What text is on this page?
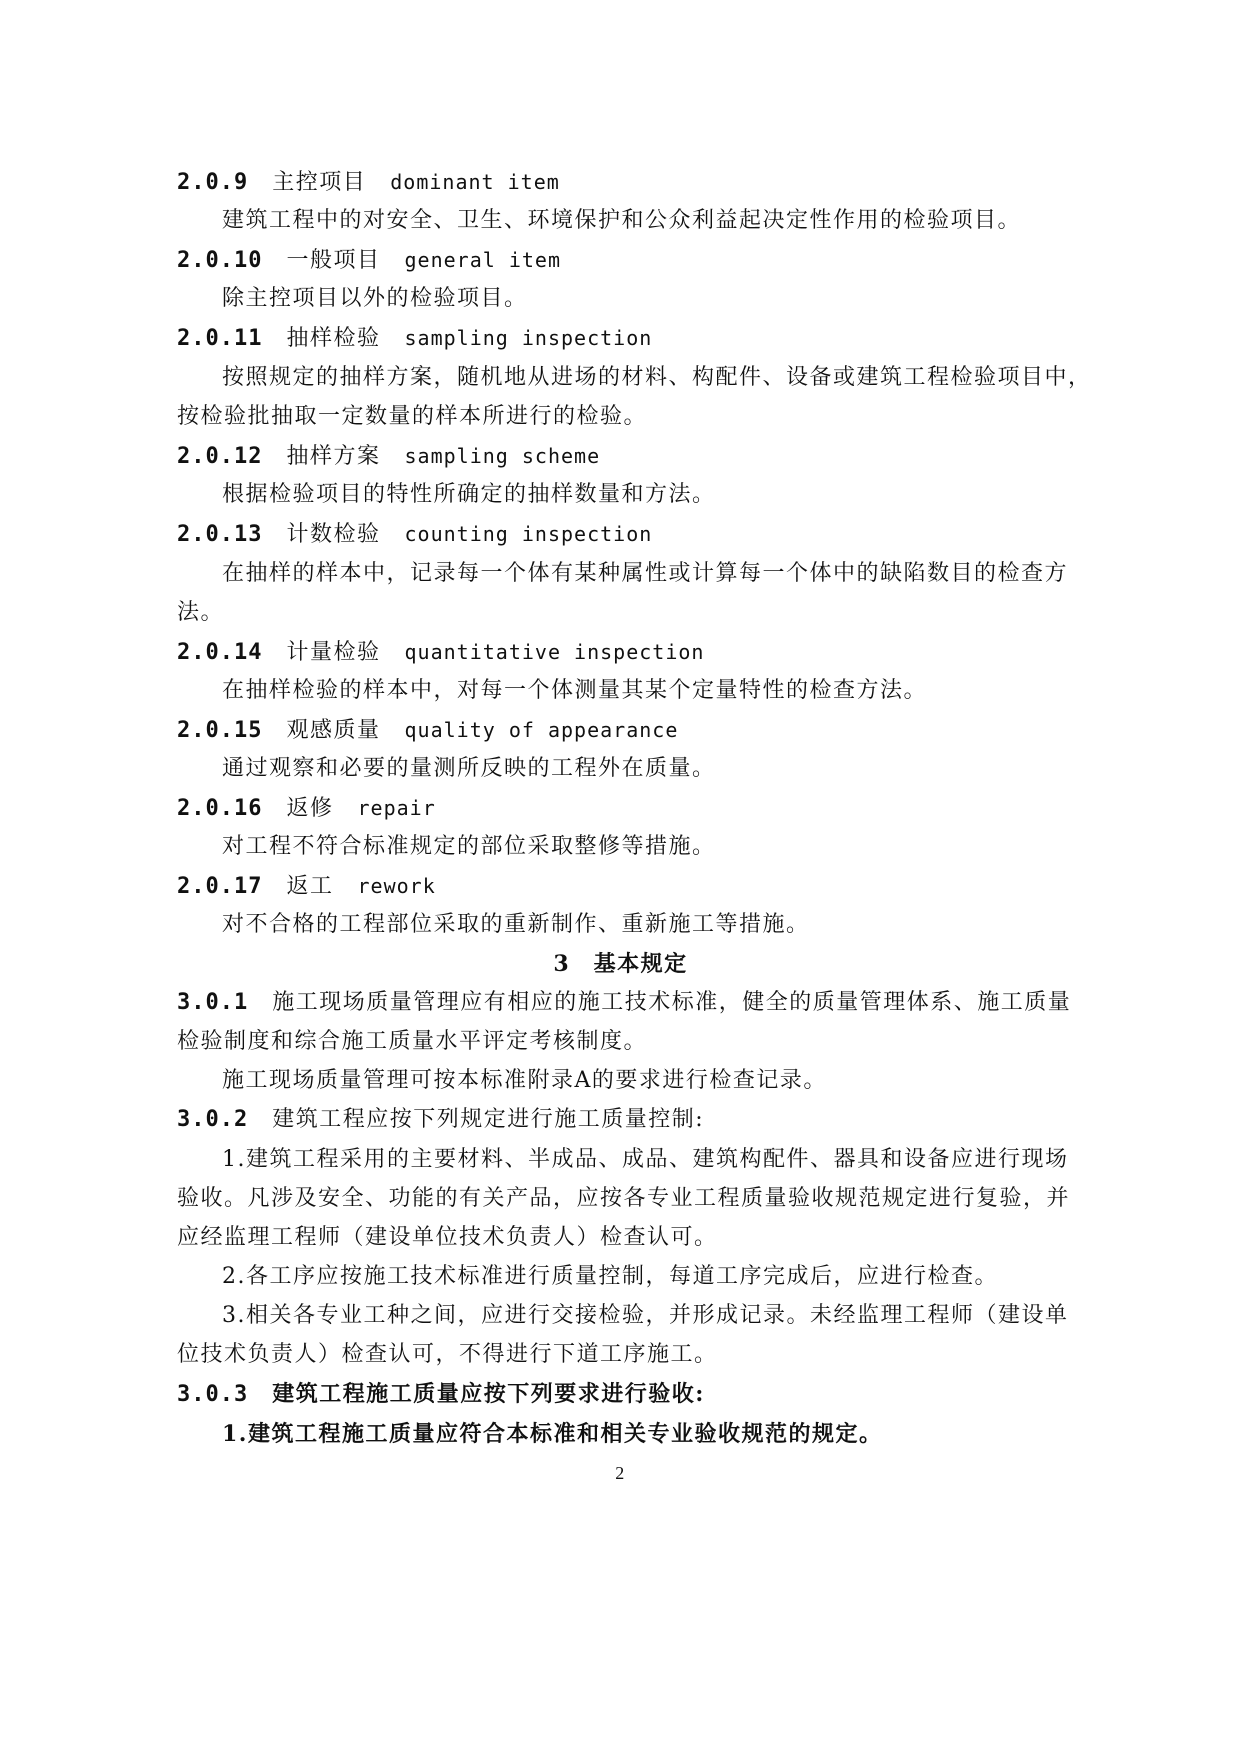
2.0.9 主控项目 dominant item
建筑工程中的对安全、卫生、环境保护和公众利益起决定性作用的检验项目。
2.0.10 一般项目 general item
除主控项目以外的检验项目。
2.0.11 抽样检验 sampling inspection
按照规定的抽样方案，随机地从进场的材料、构配件、设备或建筑工程检验项目中，
按检验批抽取一定数量的样本所进行的检验。
2.0.12 抽样方案 sampling scheme
根据检验项目的特性所确定的抽样数量和方法。
2.0.13 计数检验 counting inspection
在抽样的样本中，记录每一个体有某种属性或计算每一个体中的缺陷数目的检查方
法。
2.0.14 计量检验 quantitative inspection
在抽样检验的样本中，对每一个体测量其某个定量特性的检查方法。
2.0.15 观感质量 quality of appearance
通过观察和必要的量测所反映的工程外在质量。
2.0.16 返修 repair
对工程不符合标准规定的部位采取整修等措施。
2.0.17 返工 rework
对不合格的工程部位采取的重新制作、重新施工等措施。
3　基本规定
3.0.1 施工现场质量管理应有相应的施工技术标准，健全的质量管理体系、施工质量
检验制度和综合施工质量水平评定考核制度。
施工现场质量管理可按本标准附录A的要求进行检查记录。
3.0.2 建筑工程应按下列规定进行施工质量控制:
1.建筑工程采用的主要材料、半成品、成品、建筑构配件、器具和设备应进行现场
验收。凡涉及安全、功能的有关产品，应按各专业工程质量验收规范规定进行复验，并
应经监理工程师（建设单位技术负责人）检查认可。
2.各工序应按施工技术标准进行质量控制，每道工序完成后，应进行检查。
3.相关各专业工种之间，应进行交接检验，并形成记录。未经监理工程师（建设单
位技术负责人）检查认可，不得进行下道工序施工。
3.0.3 建筑工程施工质量应按下列要求进行验收:
1.建筑工程施工质量应符合本标准和相关专业验收规范的规定。
2
